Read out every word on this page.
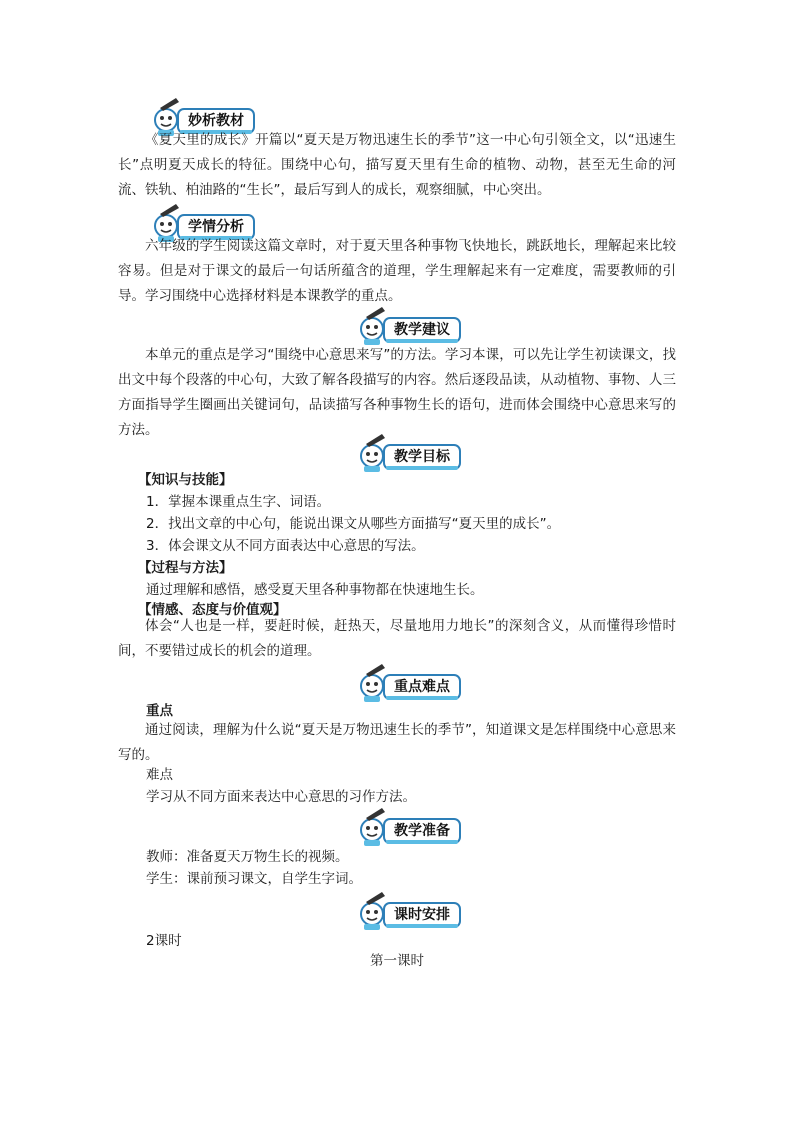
妙析教材

《夏天里的成长》开篇以“夏天是万物迅速生长的季节”这一中心句引领全文，以“迅速生长”点明夏天成长的特征。围绕中心句，描写夏天里有生命的植物、动物，甚至无生命的河流、铁轨、柏油路的“生长”，最后写到人的成长，观察细腻，中心突出。

学情分析

六年级的学生阅读这篇文章时，对于夏天里各种事物飞快地长，跳跃地长，理解起来比较容易。但是对于课文的最后一句话所蕴含的道理，学生理解起来有一定难度，需要教师的引导。学习围绕中心选择材料是本课教学的重点。

教学建议

本单元的重点是学习“围绕中心意思来写”的方法。学习本课，可以先让学生初读课文，找出文中每个段落的中心句，大致了解各段描写的内容。然后逐段品读，从动植物、事物、人三方面指导学生圈画出关键词句，品读描写各种事物生长的语句，进而体会围绕中心意思来写的方法。

教学目标
【知识与技能】
1．掌握本课重点生字、词语。
2．找出文章的中心句，能说出课文从哪些方面描写“夏天里的成长”。
3．体会课文从不同方面表达中心意思的写法。
【过程与方法】
通过理解和感悟，感受夏天里各种事物都在快速地生长。
【情感、态度与价值观】

体会“人也是一样，要赶时候，赶热天，尽量地用力地长”的深刻含义，从而懂得珍惜时间，不要错过成长的机会的道理。

重点难点
重点

通过阅读，理解为什么说“夏天是万物迅速生长的季节”，知道课文是怎样围绕中心意思来写的。

难点
学习从不同方面来表达中心意思的习作方法。
教学准备
教师：准备夏天万物生长的视频。
学生：课前预习课文，自学生字词。
课时安排
2课时
第一课时
